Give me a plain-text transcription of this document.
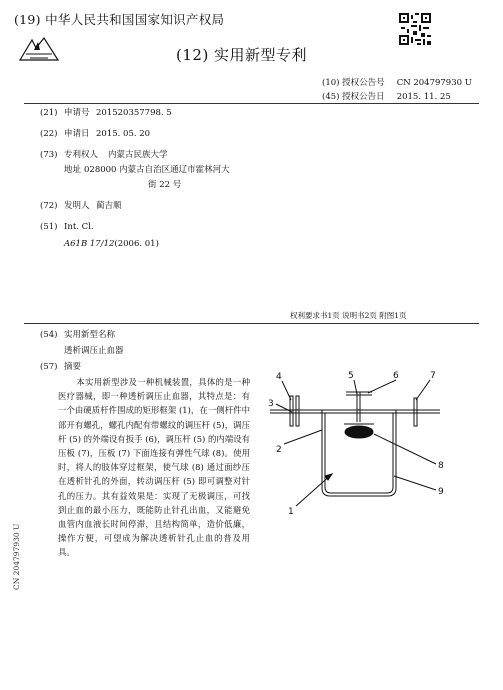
(19) 中华人民共和国国家知识产权局
(12) 实用新型专利
(10) 授权公告号 CN 204797930 U
(45) 授权公告日 2015. 11. 25
(21) 申请号 201520357798. 5
(22) 申请日 2015. 05. 20
(73) 专利权人 内蒙古民族大学
地址 028000 内蒙古自治区通辽市霍林河大
街 22 号
(72) 发明人 蔺吉顺
(51) Int. Cl.
A61B 17/12(2006. 01)
权利要求书1页 说明书2页 附图1页
(54) 实用新型名称
透析调压止血器
(57) 摘要
本实用新型涉及一种机械装置，具体的是一种医疗器械，即一种透析调压止血器，其特点是：有一个由硬质杆件围成的矩形框架 (1)，在一侧杆件中部开有螺孔，螺孔内配有带螺纹的调压杆 (5)，调压杆 (5) 的外端设有扳手 (6)，调压杆 (5) 的内端设有压板 (7)，压板 (7) 下面连接有弹性气球 (8)。使用时，将人的肢体穿过框架，使气球 (8) 通过面纱压在透析针孔的外面，转动调压杆 (5) 即可调整对针孔的压力。其有益效果是：实现了无极调压，可找到止血的最小压力，既能防止针孔出血，又能避免血管内血液长时间停滞，且结构简单，造价低廉，操作方便，可望成为解决透析针孔止血的普及用具。
4
3
2
5	6	7
8
9
1
CN 204797930 U
